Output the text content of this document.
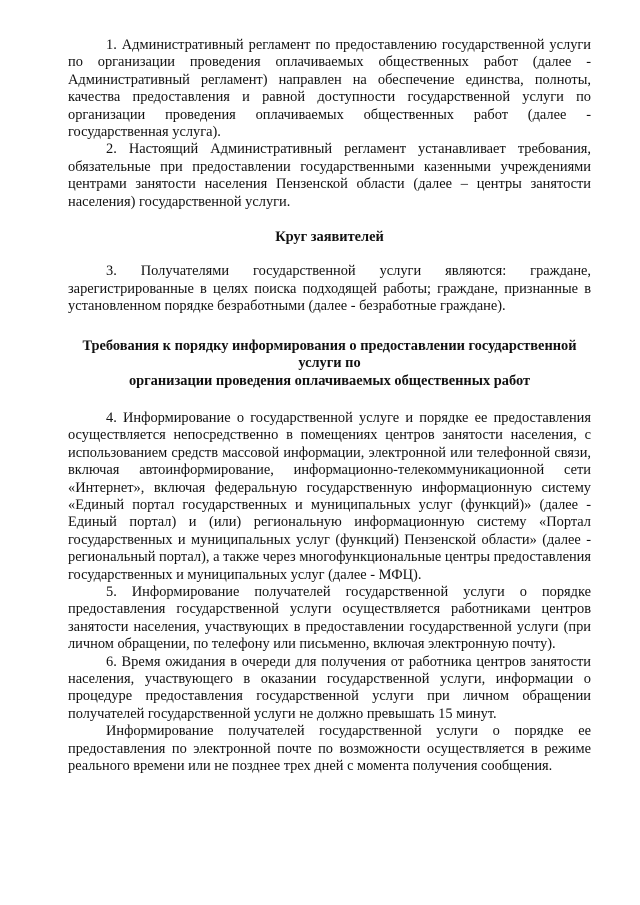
1. Административный регламент по предоставлению государственной услуги по организации проведения оплачиваемых общественных работ (далее - Административный регламент) направлен на обеспечение единства, полноты, качества предоставления и равной доступности государственной услуги по организации проведения оплачиваемых общественных работ (далее - государственная услуга).

2. Настоящий Административный регламент устанавливает требования, обязательные при предоставлении государственными казенными учреждениями центрами занятости населения Пензенской области (далее – центры занятости населения) государственной услуги.

Круг заявителей

3. Получателями государственной услуги являются: граждане, зарегистрированные в целях поиска подходящей работы; граждане, признанные в установленном порядке безработными (далее - безработные граждане).

Требования к порядку информирования о предоставлении государственной услуги по

организации проведения оплачиваемых общественных работ

4. Информирование о государственной услуге и порядке ее предоставления осуществляется непосредственно в помещениях центров занятости населения, с использованием средств массовой информации, электронной или телефонной связи, включая автоинформирование, информационно-телекоммуникационной сети «Интернет», включая федеральную государственную информационную систему «Единый портал государственных и муниципальных услуг (функций)» (далее - Единый портал) и (или) региональную информационную систему «Портал государственных и муниципальных услуг (функций) Пензенской области» (далее - региональный портал), а также через многофункциональные центры предоставления государственных и муниципальных услуг (далее - МФЦ).

5. Информирование получателей государственной услуги о порядке предоставления государственной услуги осуществляется работниками центров занятости населения, участвующих в предоставлении государственной услуги (при личном обращении, по телефону или письменно, включая электронную почту).

6. Время ожидания в очереди для получения от работника центров занятости населения, участвующего в оказании государственной услуги, информации о процедуре предоставления государственной услуги при личном обращении получателей государственной услуги не должно превышать 15 минут.

Информирование получателей государственной услуги о порядке ее предоставления по электронной почте по возможности осуществляется в режиме реального времени или не позднее трех дней с момента получения сообщения.
